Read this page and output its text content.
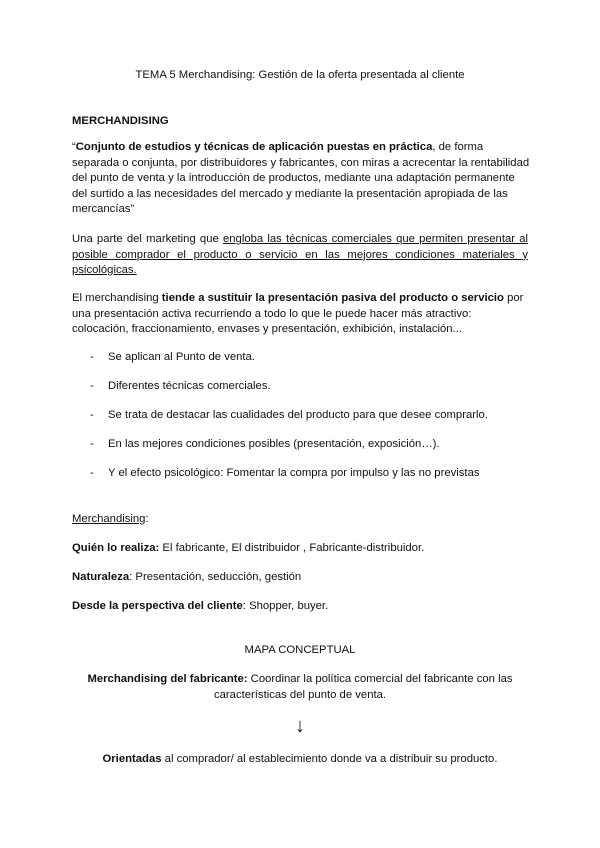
TEMA 5 Merchandising: Gestión de la oferta presentada al cliente
MERCHANDISING
“Conjunto de estudios y técnicas de aplicación puestas en práctica, de forma separada o conjunta, por distribuidores y fabricantes, con miras a acrecentar la rentabilidad del punto de venta y la introducción de productos, mediante una adaptación permanente del surtido a las necesidades del mercado y mediante la presentación apropiada de las mercancías”
Una parte del marketing que engloba las técnicas comerciales que permiten presentar al posible comprador el producto o servicio en las mejores condiciones materiales y psicológicas.
El merchandising tiende a sustituir la presentación pasiva del producto o servicio por una presentación activa recurriendo a todo lo que le puede hacer más atractivo: colocación, fraccionamiento, envases y presentación, exhibición, instalación...
- Se aplican al Punto de venta.
- Diferentes técnicas comerciales.
- Se trata de destacar las cualidades del producto para que desee comprarlo.
- En las mejores condiciones posibles (presentación, exposición…).
- Y el efecto psicológico: Fomentar la compra por impulso y las no previstas
Merchandising:
Quién lo realiza: El fabricante, El distribuidor , Fabricante-distribuidor.
Naturaleza: Presentación, seducción, gestión
Desde la perspectiva del cliente: Shopper, buyer.
MAPA CONCEPTUAL
Merchandising del fabricante: Coordinar la política comercial del fabricante con las características del punto de venta.
↓
Orientadas al comprador/ al establecimiento donde va a distribuir su producto.
